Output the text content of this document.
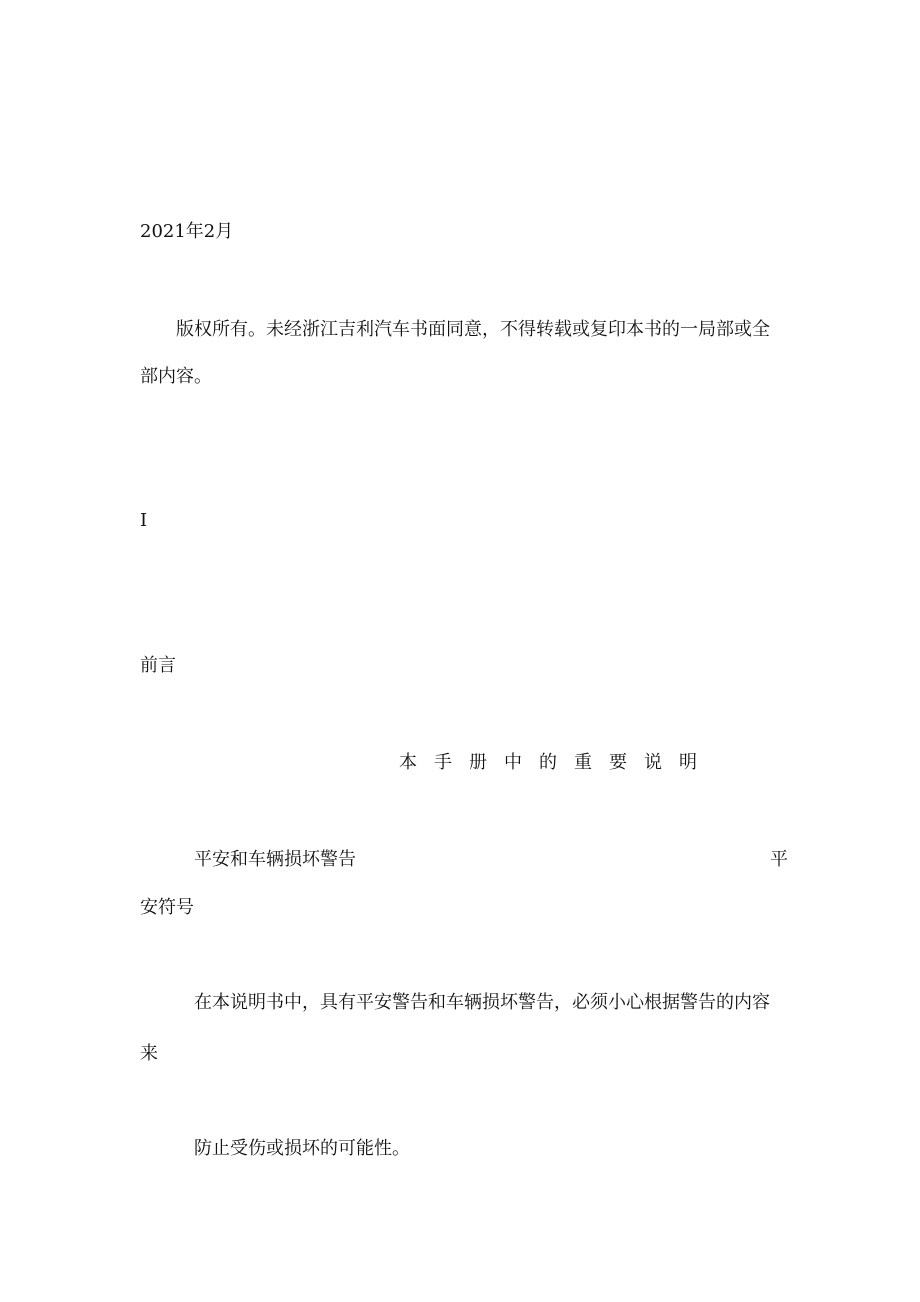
2021年2月
版权所有。未经浙江吉利汽车书面同意，不得转载或复印本书的一局部或全
部内容。
I
前言
本手册中的重要说明
平安和车辆损坏警告	平
安符号
在本说明书中，具有平安警告和车辆损坏警告，必须小心根据警告的内容
来
防止受伤或损坏的可能性。
